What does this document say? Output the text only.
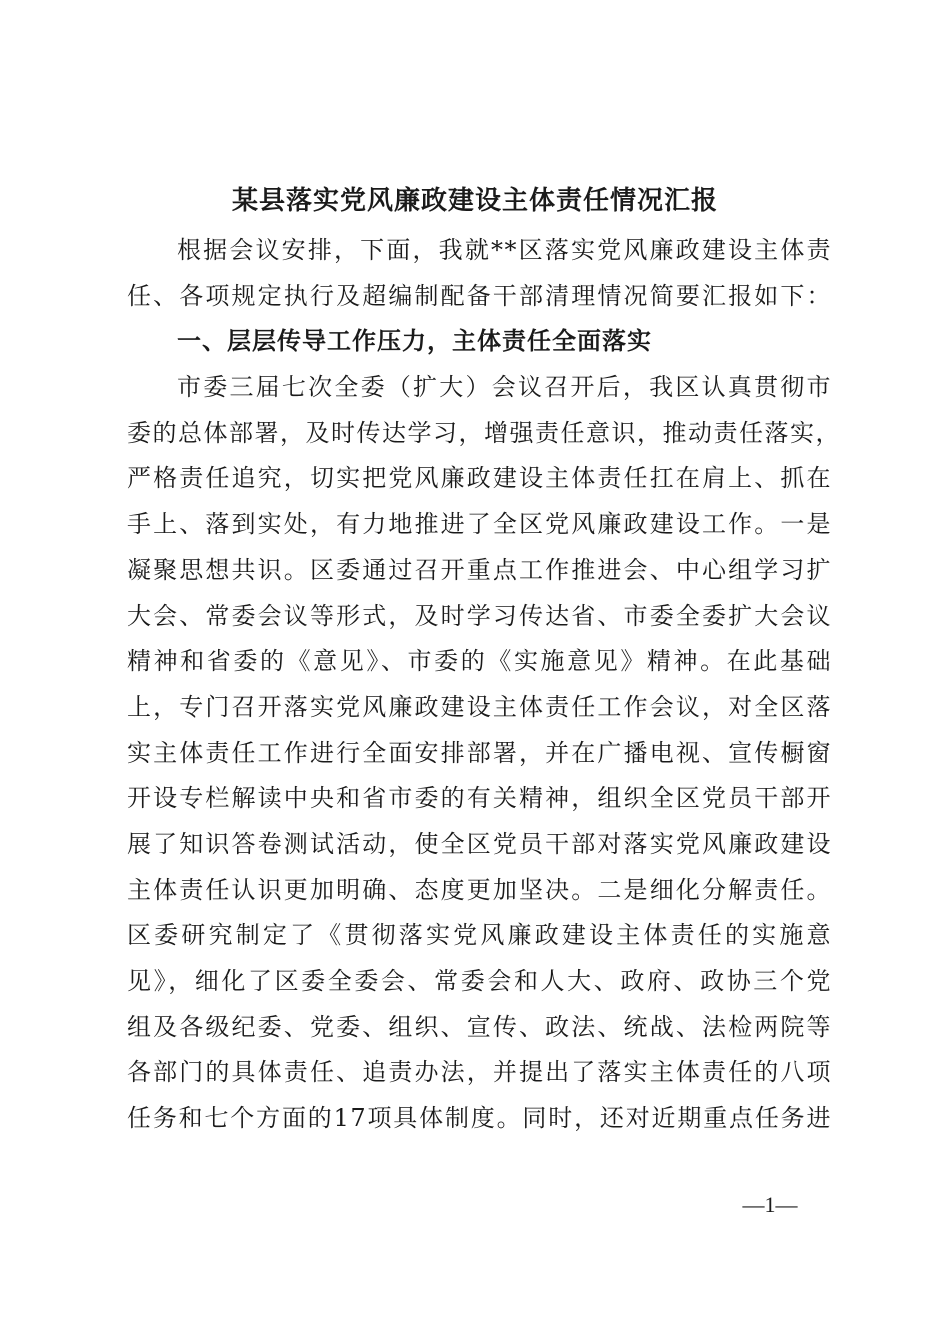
某县落实党风廉政建设主体责任情况汇报
根据会议安排，下面，我就**区落实党风廉政建设主体责
任、各项规定执行及超编制配备干部清理情况简要汇报如下：
一、层层传导工作压力，主体责任全面落实
市委三届七次全委（扩大）会议召开后，我区认真贯彻市
委的总体部署，及时传达学习，增强责任意识，推动责任落实，
严格责任追究，切实把党风廉政建设主体责任扛在肩上、抓在
手上、落到实处，有力地推进了全区党风廉政建设工作。一是
凝聚思想共识。区委通过召开重点工作推进会、中心组学习扩
大会、常委会议等形式，及时学习传达省、市委全委扩大会议
精神和省委的《意见》、市委的《实施意见》精神。在此基础
上，专门召开落实党风廉政建设主体责任工作会议，对全区落
实主体责任工作进行全面安排部署，并在广播电视、宣传橱窗
开设专栏解读中央和省市委的有关精神，组织全区党员干部开
展了知识答卷测试活动，使全区党员干部对落实党风廉政建设
主体责任认识更加明确、态度更加坚决。二是细化分解责任。
区委研究制定了《贯彻落实党风廉政建设主体责任的实施意
见》，细化了区委全委会、常委会和人大、政府、政协三个党
组及各级纪委、党委、组织、宣传、政法、统战、法检两院等
各部门的具体责任、追责办法，并提出了落实主体责任的八项
任务和七个方面的17项具体制度。同时，还对近期重点任务进
—1—
